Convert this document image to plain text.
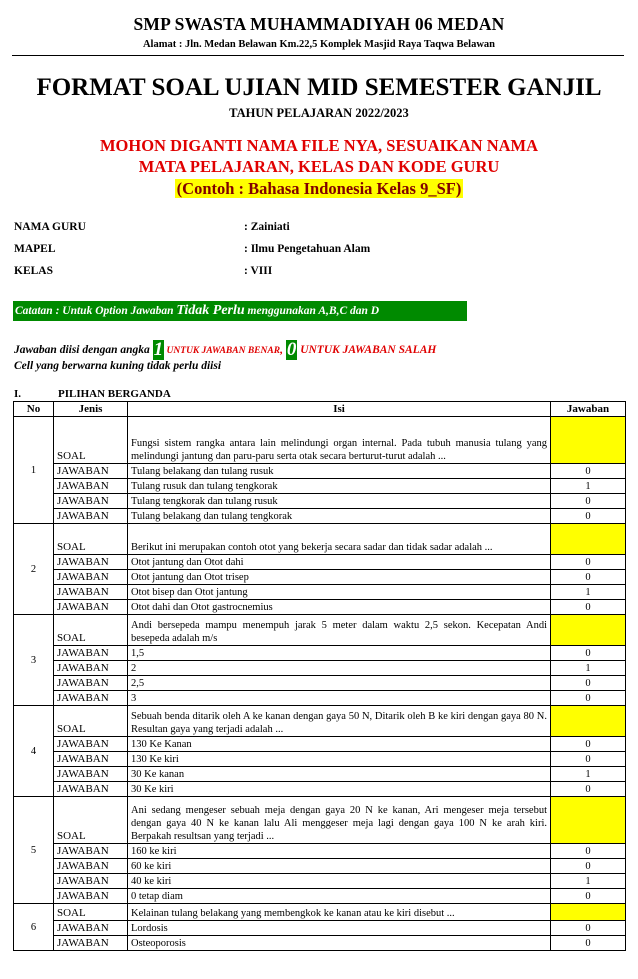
SMP SWASTA MUHAMMADIYAH 06 MEDAN
Alamat : Jln. Medan Belawan Km.22,5 Komplek Masjid Raya Taqwa Belawan
FORMAT SOAL UJIAN MID SEMESTER GANJIL
TAHUN PELAJARAN 2022/2023
MOHON DIGANTI NAMA FILE NYA, SESUAIKAN NAMA
MATA PELAJARAN, KELAS DAN KODE GURU
(Contoh : Bahasa Indonesia Kelas 9_SF)
NAMA GURU	: Zainiati
MAPEL	: Ilmu Pengetahuan Alam
KELAS	: VIII
Catatan : Untuk Option Jawaban Tidak Perlu menggunakan A,B,C dan D
Jawaban diisi dengan angka 1 UNTUK JAWABAN BENAR, 0 UNTUK JAWABAN SALAH
Cell yang berwarna kuning tidak perlu diisi
I.	PILIHAN BERGANDA
No	Jenis	Isi	Jawaban
1	SOAL	Fungsi sistem rangka antara lain melindungi organ internal. Pada tubuh manusia tulang yang melindungi jantung dan paru-paru serta otak secara berturut-turut adalah ...	
	JAWABAN	Tulang belakang dan tulang rusuk	0
	JAWABAN	Tulang rusuk dan tulang tengkorak	1
	JAWABAN	Tulang tengkorak dan tulang rusuk	0
	JAWABAN	Tulang belakang dan tulang tengkorak	0
2	SOAL	Berikut ini merupakan contoh otot yang bekerja secara sadar dan tidak sadar adalah ...	
	JAWABAN	Otot jantung dan Otot dahi	0
	JAWABAN	Otot jantung dan Otot trisep	0
	JAWABAN	Otot bisep dan Otot jantung	1
	JAWABAN	Otot dahi dan Otot gastrocnemius	0
3	SOAL	Andi bersepeda mampu menempuh jarak 5 meter dalam waktu 2,5 sekon. Kecepatan Andi besepeda adalah m/s	
	JAWABAN	1,5	0
	JAWABAN	2	1
	JAWABAN	2,5	0
	JAWABAN	3	0
4	SOAL	Sebuah benda ditarik oleh A ke kanan dengan gaya 50 N, Ditarik oleh B ke kiri dengan gaya 80 N. Resultan gaya yang terjadi adalah ...	
	JAWABAN	130 Ke Kanan	0
	JAWABAN	130 Ke kiri	0
	JAWABAN	30 Ke kanan	1
	JAWABAN	30 Ke kiri	0
5	SOAL	Ani sedang mengeser sebuah meja dengan gaya 20 N ke kanan, Ari mengeser meja tersebut dengan gaya 40 N ke kanan lalu Ali menggeser meja lagi dengan gaya 100 N ke arah kiri. Berpakah resultsan yang terjadi ...	
	JAWABAN	160 ke kiri	0
	JAWABAN	60 ke kiri	0
	JAWABAN	40 ke kiri	1
	JAWABAN	0 tetap diam	0
6	SOAL	Kelainan tulang belakang yang membengkok ke kanan atau ke kiri disebut ...	
	JAWABAN	Lordosis	0
	JAWABAN	Osteoporosis	0
